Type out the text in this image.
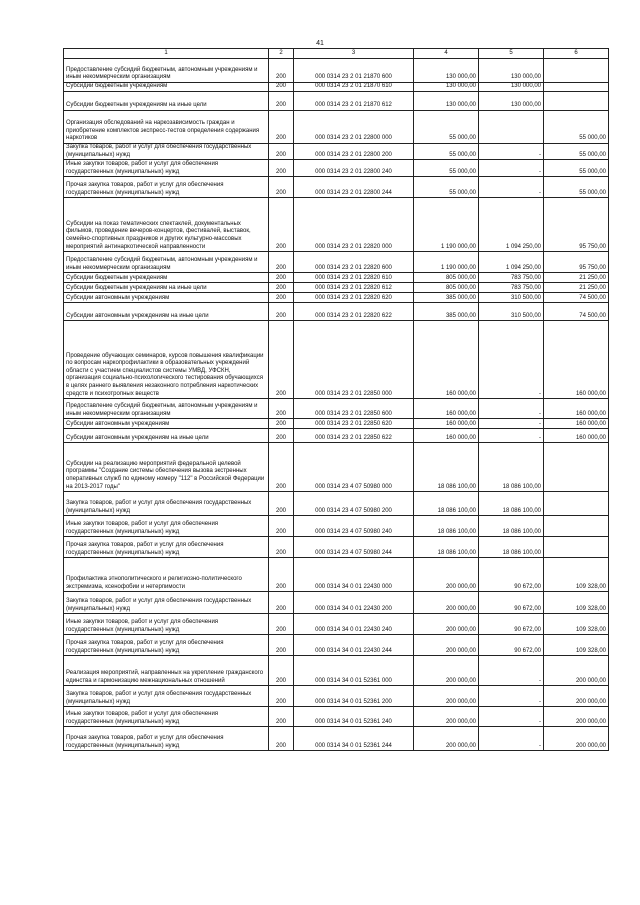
41
1	2	3	4	5	6
Предоставление субсидий бюджетным, автономным учреждениям и иным некоммерческим организациям	200	000 0314 23 2 01 21870 600	130 000,00	130 000,00	
Субсидии бюджетным учреждениям	200	000 0314 23 2 01 21870 610	130 000,00	130 000,00	
Субсидии бюджетным учреждениям на иные цели	200	000 0314 23 2 01 21870 612	130 000,00	130 000,00	
Организация обследований на наркозависимость граждан и приобретение комплектов экспресс-тестов определения содержания наркотиков	200	000 0314 23 2 01 22800 000	55 000,00		55 000,00
Закупка товаров, работ и услуг для обеспечения государственных (муниципальных) нужд	200	000 0314 23 2 01 22800 200	55 000,00	-	55 000,00
Иные закупки товаров, работ и услуг для обеспечения государственных (муниципальных) нужд	200	000 0314 23 2 01 22800 240	55 000,00	-	55 000,00
Прочая закупка товаров, работ и услуг для обеспечения государственных (муниципальных) нужд	200	000 0314 23 2 01 22800 244	55 000,00	-	55 000,00
Субсидии на показ тематических спектаклей, документальных фильмов, проведение вечеров-концертов, фестивалей, выставок, семейно-спортивных праздников и других культурно-массовых мероприятий антинаркотической направленности	200	000 0314 23 2 01 22820 000	1 190 000,00	1 094 250,00	95 750,00
Предоставление субсидий бюджетным, автономным учреждениям и иным некоммерческим организациям	200	000 0314 23 2 01 22820 600	1 190 000,00	1 094 250,00	95 750,00
Субсидии бюджетным учреждениям	200	000 0314 23 2 01 22820 610	805 000,00	783 750,00	21 250,00
Субсидии бюджетным учреждениям на иные цели	200	000 0314 23 2 01 22820 612	805 000,00	783 750,00	21 250,00
Субсидии автономным учреждениям	200	000 0314 23 2 01 22820 620	385 000,00	310 500,00	74 500,00
Субсидии автономным учреждениям на иные цели	200	000 0314 23 2 01 22820 622	385 000,00	310 500,00	74 500,00
Проведение обучающих семинаров, курсов повышения квалификации по вопросам наркопрофилактики в образовательных учреждений области с участием специалистов системы УМВД, УФСКН, организация социально-психологического тестирования обучающихся в целях раннего выявления незаконного потребления наркотических средств и психотропных веществ	200	000 0314 23 2 01 22850 000	160 000,00	-	160 000,00
Предоставление субсидий бюджетным, автономным учреждениям и иным некоммерческим организациям	200	000 0314 23 2 01 22850 600	160 000,00	-	160 000,00
Субсидии автономным учреждениям	200	000 0314 23 2 01 22850 620	160 000,00	-	160 000,00
Субсидии автономным учреждениям на иные цели	200	000 0314 23 2 01 22850 622	160 000,00	-	160 000,00
Субсидии на реализацию мероприятий федеральной целевой программы "Создание системы обеспечения вызова экстренных оперативных служб по единому номеру "112" в Российской Федерации на 2013-2017 годы"	200	000 0314 23 4 07 50980 000	18 086 100,00	18 086 100,00	
Закупка товаров, работ и услуг для обеспечения государственных (муниципальных) нужд	200	000 0314 23 4 07 50980 200	18 086 100,00	18 086 100,00	
Иные закупки товаров, работ и услуг для обеспечения государственных (муниципальных) нужд	200	000 0314 23 4 07 50980 240	18 086 100,00	18 086 100,00	
Прочая закупка товаров, работ и услуг для обеспечения государственных (муниципальных) нужд	200	000 0314 23 4 07 50980 244	18 086 100,00	18 086 100,00	
Профилактика этнополитического и религиозно-политического экстремизма, ксенофобии и нетерпимости	200	000 0314 34 0 01 22430 000	200 000,00	90 672,00	109 328,00
Закупка товаров, работ и услуг для обеспечения государственных (муниципальных) нужд	200	000 0314 34 0 01 22430 200	200 000,00	90 672,00	109 328,00
Иные закупки товаров, работ и услуг для обеспечения государственных (муниципальных) нужд	200	000 0314 34 0 01 22430 240	200 000,00	90 672,00	109 328,00
Прочая закупка товаров, работ и услуг для обеспечения государственных (муниципальных) нужд	200	000 0314 34 0 01 22430 244	200 000,00	90 672,00	109 328,00
Реализация мероприятий, направленных на укрепление гражданского единства и гармонизацию межнациональных отношений	200	000 0314 34 0 01 52361 000	200 000,00	-	200 000,00
Закупка товаров, работ и услуг для обеспечения государственных (муниципальных) нужд	200	000 0314 34 0 01 52361 200	200 000,00	-	200 000,00
Иные закупки товаров, работ и услуг для обеспечения государственных (муниципальных) нужд	200	000 0314 34 0 01 52361 240	200 000,00	-	200 000,00
Прочая закупка товаров, работ и услуг для обеспечения государственных (муниципальных) нужд	200	000 0314 34 0 01 52361 244	200 000,00	-	200 000,00
